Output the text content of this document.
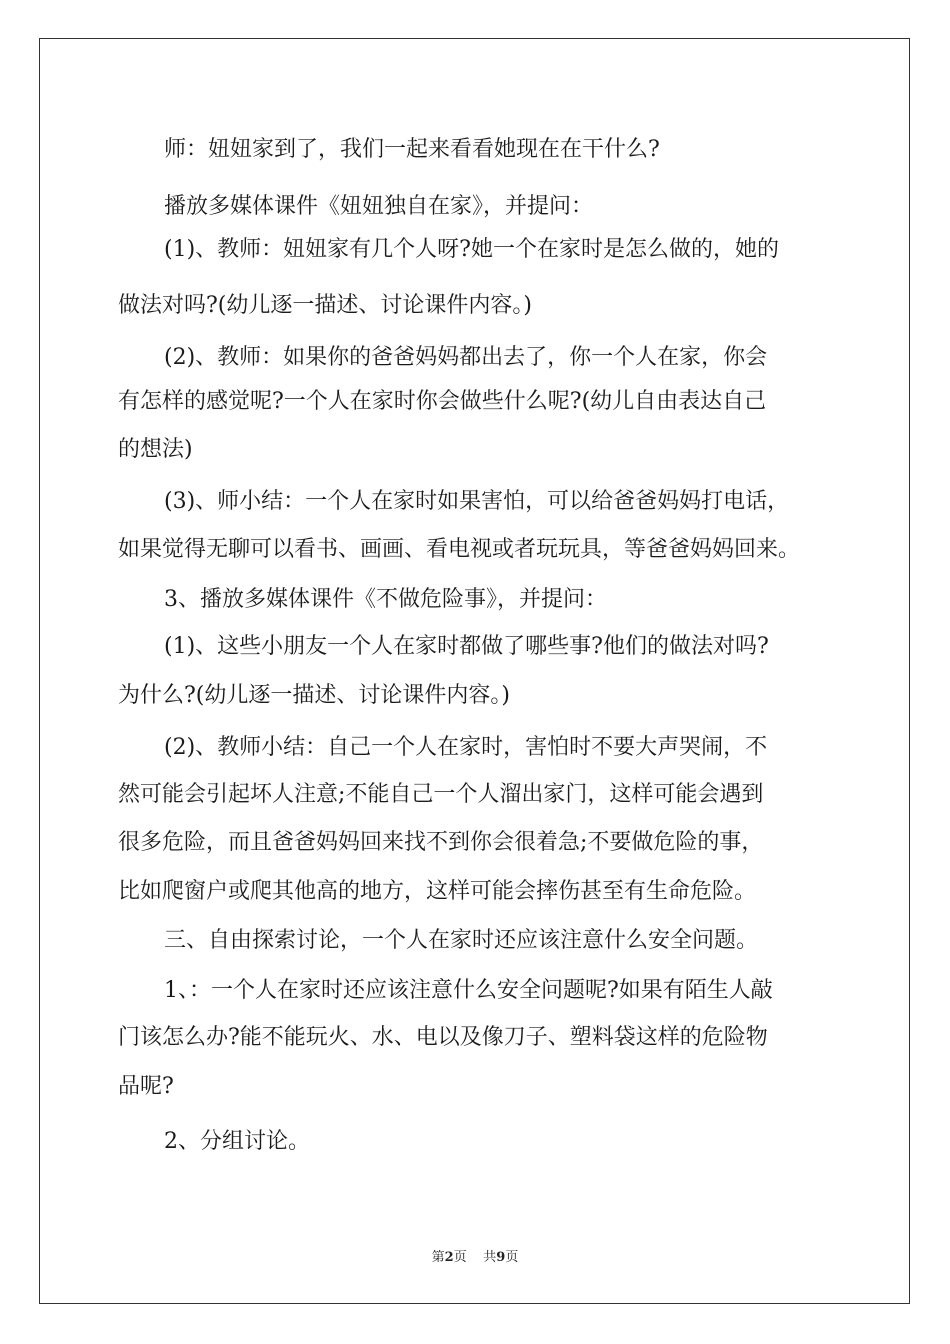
师：妞妞家到了，我们一起来看看她现在在干什么?
播放多媒体课件《妞妞独自在家》，并提问：
(1)、教师：妞妞家有几个人呀?她一个在家时是怎么做的，她的
做法对吗?(幼儿逐一描述、讨论课件内容。)
(2)、教师：如果你的爸爸妈妈都出去了，你一个人在家，你会
有怎样的感觉呢?一个人在家时你会做些什么呢?(幼儿自由表达自己
的想法)
(3)、师小结：一个人在家时如果害怕，可以给爸爸妈妈打电话，
如果觉得无聊可以看书、画画、看电视或者玩玩具，等爸爸妈妈回来。
3、播放多媒体课件《不做危险事》，并提问：
(1)、这些小朋友一个人在家时都做了哪些事?他们的做法对吗?
为什么?(幼儿逐一描述、讨论课件内容。)
(2)、教师小结：自己一个人在家时，害怕时不要大声哭闹，不
然可能会引起坏人注意;不能自己一个人溜出家门，这样可能会遇到
很多危险，而且爸爸妈妈回来找不到你会很着急;不要做危险的事，
比如爬窗户或爬其他高的地方，这样可能会摔伤甚至有生命危险。
三、自由探索讨论，一个人在家时还应该注意什么安全问题。
1、：一个人在家时还应该注意什么安全问题呢?如果有陌生人敲
门该怎么办?能不能玩火、水、电以及像刀子、塑料袋这样的危险物
品呢?
2、分组讨论。
第2页 共9页
